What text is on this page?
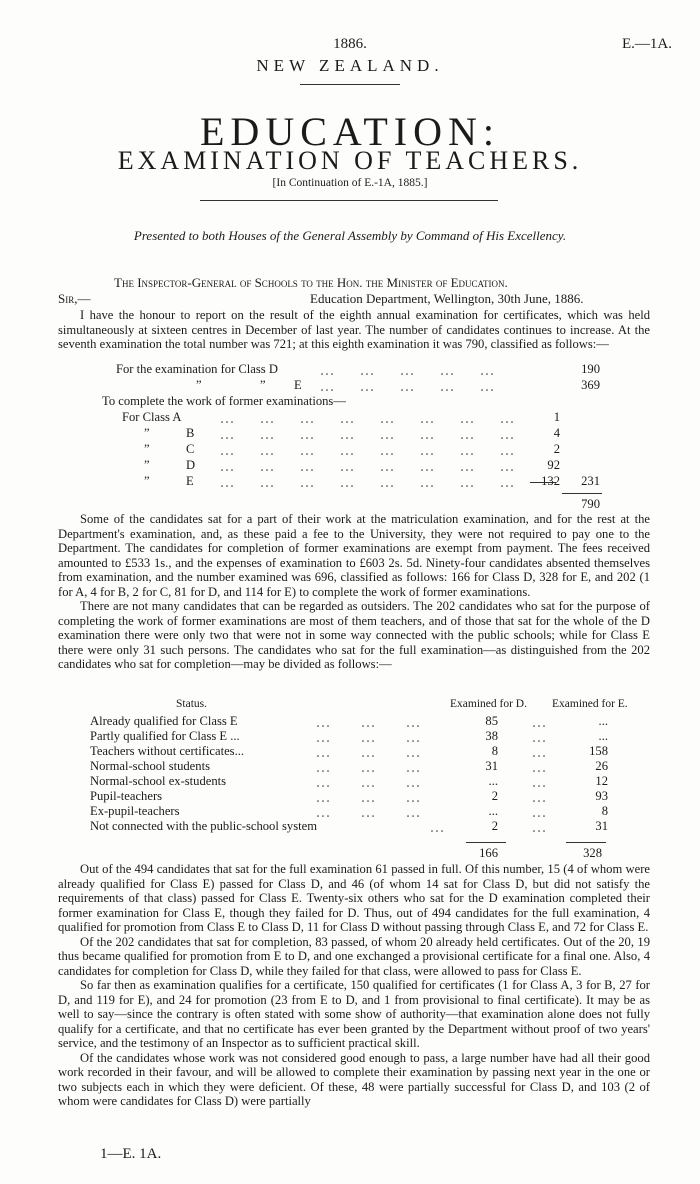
1886.	E.—1A.
NEW ZEALAND.
EDUCATION:
EXAMINATION OF TEACHERS.
[In Continuation of E.-1A, 1885.]
Presented to both Houses of the General Assembly by Command of His Excellency.
The Inspector-General of Schools to the Hon. the Minister of Education.
Sir,—	Education Department, Wellington, 30th June, 1886.

I have the honour to report on the result of the eighth annual examination for certificates, which was held simultaneously at sixteen centres in December of last year. The number of candidates continues to increase. At the seventh examination the total number was 721; at this eighth examination it was 790, classified as follows:—

For the examination for Class D	...     ...     ...     ...     ...	190
”	” E ...     ...     ...     ...     ...	369
To complete the work of former examinations—
For Class A ...     ...     ...     ...     ...     ...     ...     ...	1
”	B ...     ...     ...     ...     ...     ...     ...     ...	4
”	C ...     ...     ...     ...     ...     ...     ...     ...	2
”	D ...     ...     ...     ...     ...     ...     ...     ...	92
”	E ...     ...     ...     ...     ...     ...     ...     ...	132	231
790

Some of the candidates sat for a part of their work at the matriculation examination, and for the rest at the Department's examination, and, as these paid a fee to the University, they were not required to pay one to the Department. The candidates for completion of former examinations are exempt from payment. The fees received amounted to £533 1s., and the expenses of examination to £603 2s. 5d. Ninety-four candidates absented themselves from examination, and the number examined was 696, classified as follows: 166 for Class D, 328 for E, and 202 (1 for A, 4 for B, 2 for C, 81 for D, and 114 for E) to complete the work of former examinations.

There are not many candidates that can be regarded as outsiders. The 202 candidates who sat for the purpose of completing the work of former examinations are most of them teachers, and of those that sat for the whole of the D examination there were only two that were not in some way connected with the public schools; while for Class E there were only 31 such persons. The candidates who sat for the full examination—as distinguished from the 202 candidates who sat for completion—may be divided as follows:—

Status.	Examined for D. Examined for E.
Already qualified for Class E	...      ...      ...	85 ...	...
Partly qualified for Class E ...	...      ...      ...	38 ...	...
Teachers without certificates...	...      ...      ...	8 ...	158
Normal-school students	...      ...      ...	31 ...	26
Normal-school ex-students	...      ...      ...	... ...	12
Pupil-teachers	...      ...      ...	2 ...	93
Ex-pupil-teachers	...      ...      ...	... ...	8
Not connected with the public-school system	...	2 ...	31
166	328

Out of the 494 candidates that sat for the full examination 61 passed in full. Of this number, 15 (4 of whom were already qualified for Class E) passed for Class D, and 46 (of whom 14 sat for Class D, but did not satisfy the requirements of that class) passed for Class E. Twenty-six others who sat for the D examination completed their former examination for Class E, though they failed for D. Thus, out of 494 candidates for the full examination, 4 qualified for promotion from Class E to Class D, 11 for Class D without passing through Class E, and 72 for Class E.

Of the 202 candidates that sat for completion, 83 passed, of whom 20 already held certificates. Out of the 20, 19 thus became qualified for promotion from E to D, and one exchanged a provisional certificate for a final one. Also, 4 candidates for completion for Class D, while they failed for that class, were allowed to pass for Class E.

So far then as examination qualifies for a certificate, 150 qualified for certificates (1 for Class A, 3 for B, 27 for D, and 119 for E), and 24 for promotion (23 from E to D, and 1 from provisional to final certificate). It may be as well to say—since the contrary is often stated with some show of authority—that examination alone does not fully qualify for a certificate, and that no certificate has ever been granted by the Department without proof of two years' service, and the testimony of an Inspector as to sufficient practical skill.

Of the candidates whose work was not considered good enough to pass, a large number have had all their good work recorded in their favour, and will be allowed to complete their examination by passing next year in the one or two subjects each in which they were deficient. Of these, 48 were partially successful for Class D, and 103 (2 of whom were candidates for Class D) were partially

1—E. 1A.
